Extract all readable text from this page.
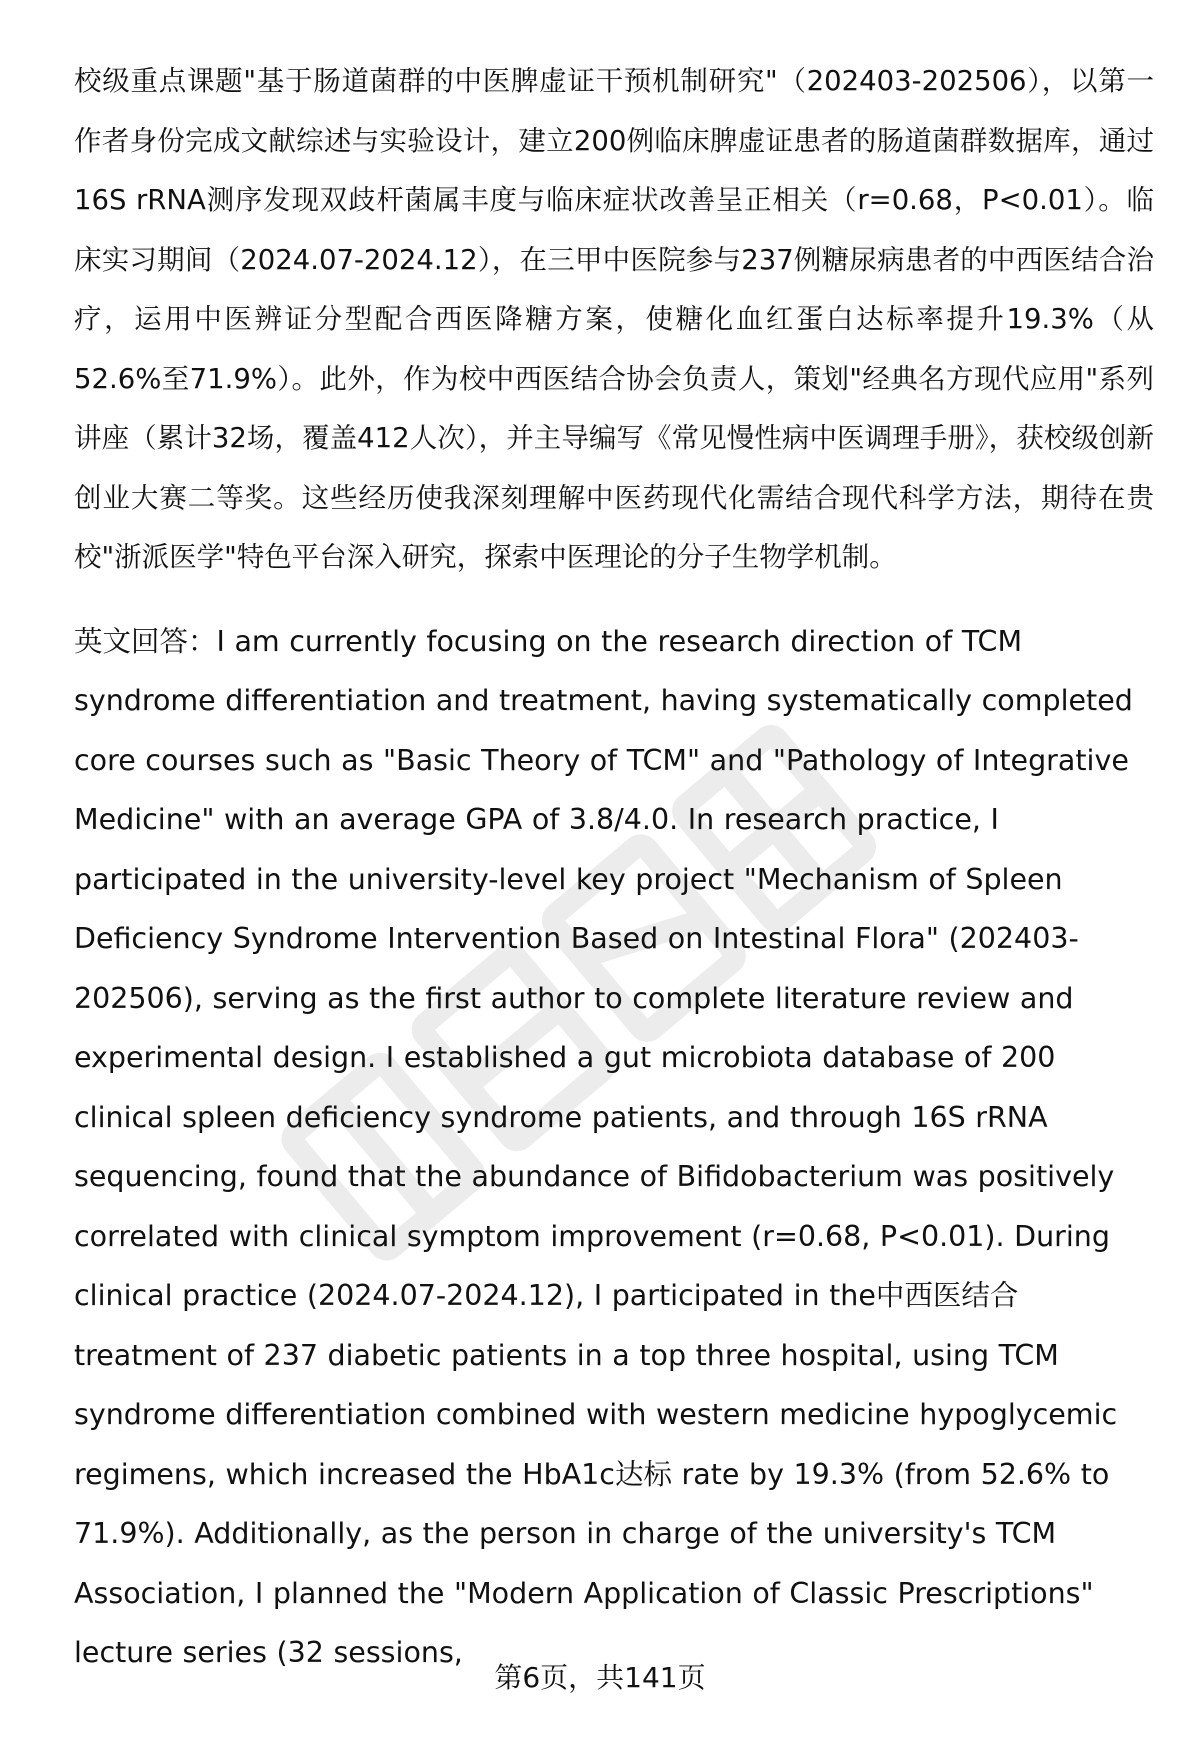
校级重点课题"基于肠道菌群的中医脾虚证干预机制研究"（202403-202506），以第一作者身份完成文献综述与实验设计，建立200例临床脾虚证患者的肠道菌群数据库，通过16S rRNA测序发现双歧杆菌属丰度与临床症状改善呈正相关（r=0.68，P<0.01）。临床实习期间（2024.07-2024.12），在三甲中医院参与237例糖尿病患者的中西医结合治疗，运用中医辨证分型配合西医降糖方案，使糖化血红蛋白达标率提升19.3%（从52.6%至71.9%）。此外，作为校中西医结合协会负责人，策划"经典名方现代应用"系列讲座（累计32场，覆盖412人次），并主导编写《常见慢性病中医调理手册》，获校级创新创业大赛二等奖。这些经历使我深刻理解中医药现代化需结合现代科学方法，期待在贵校"浙派医学"特色平台深入研究，探索中医理论的分子生物学机制。

英文回答：I am currently focusing on the research direction of TCM syndrome differentiation and treatment, having systematically completed core courses such as "Basic Theory of TCM" and "Pathology of Integrative Medicine" with an average GPA of 3.8/4.0. In research practice, I participated in the university-level key project "Mechanism of Spleen Deficiency Syndrome Intervention Based on Intestinal Flora" (202403-202506), serving as the first author to complete literature review and experimental design. I established a gut microbiota database of 200 clinical spleen deficiency syndrome patients, and through 16S rRNA sequencing, found that the abundance of Bifidobacterium was positively correlated with clinical symptom improvement (r=0.68, P<0.01). During clinical practice (2024.07-2024.12), I participated in the中西医结合 treatment of 237 diabetic patients in a top three hospital, using TCM syndrome differentiation combined with western medicine hypoglycemic regimens, which increased the HbA1c达标 rate by 19.3% (from 52.6% to 71.9%). Additionally, as the person in charge of the university's TCM Association, I planned the "Modern Application of Classic Prescriptions" lecture series (32 sessions,

第6页，共141页
